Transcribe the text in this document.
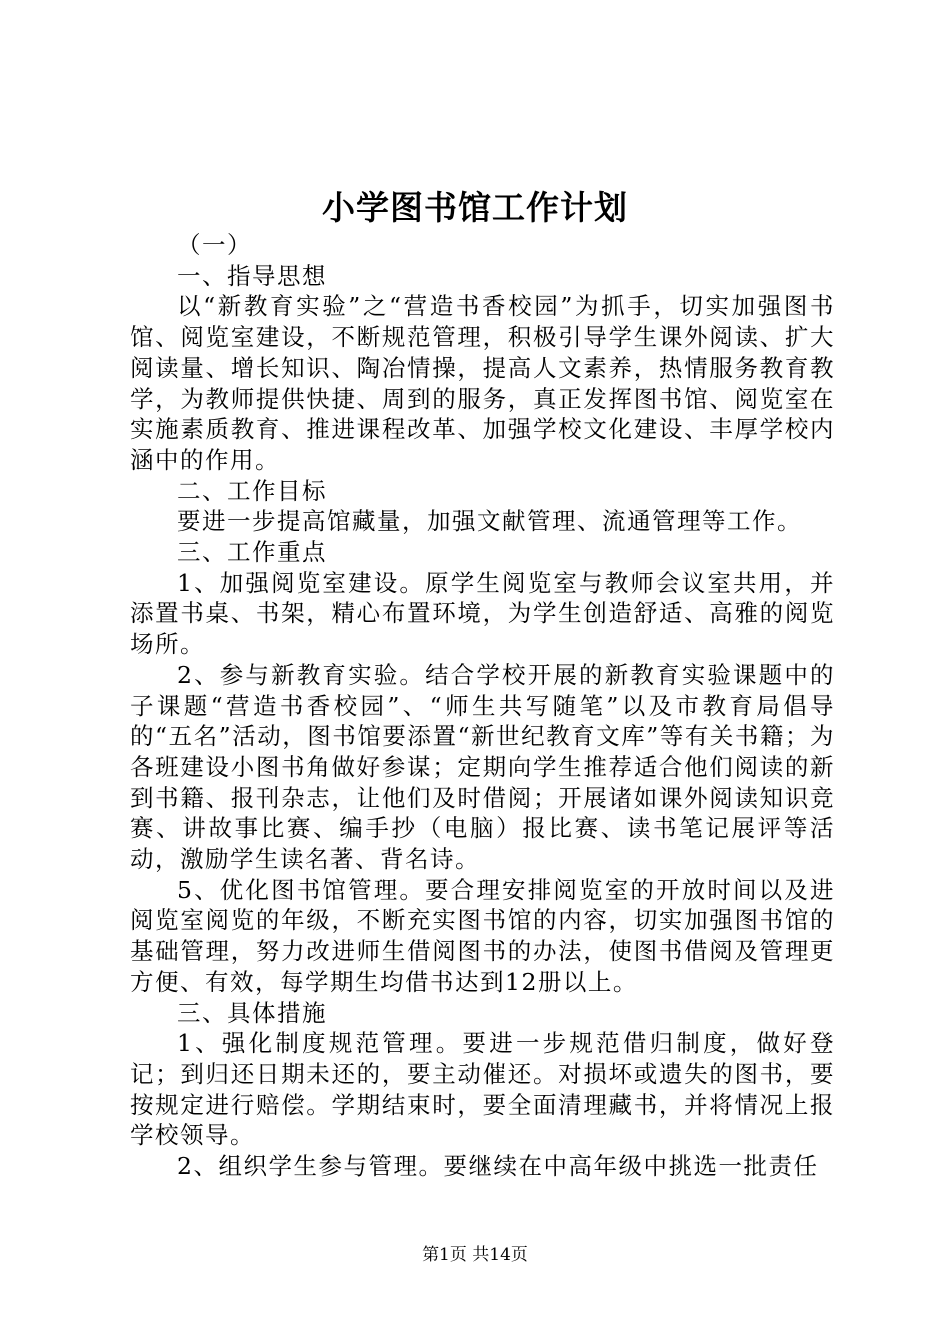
小学图书馆工作计划

（一）

一、指导思想

以“新教育实验”之“营造书香校园”为抓手，切实加强图书馆、阅览室建设，不断规范管理，积极引导学生课外阅读、扩大阅读量、增长知识、陶冶情操，提高人文素养，热情服务教育教学，为教师提供快捷、周到的服务，真正发挥图书馆、阅览室在实施素质教育、推进课程改革、加强学校文化建设、丰厚学校内涵中的作用。

二、工作目标

要进一步提高馆藏量，加强文献管理、流通管理等工作。

三、工作重点

1、加强阅览室建设。原学生阅览室与教师会议室共用，并添置书桌、书架，精心布置环境，为学生创造舒适、高雅的阅览场所。

2、参与新教育实验。结合学校开展的新教育实验课题中的子课题“营造书香校园”、“师生共写随笔”以及市教育局倡导的“五名”活动，图书馆要添置“新世纪教育文库”等有关书籍；为各班建设小图书角做好参谋；定期向学生推荐适合他们阅读的新到书籍、报刊杂志，让他们及时借阅；开展诸如课外阅读知识竞赛、讲故事比赛、编手抄（电脑）报比赛、读书笔记展评等活动，激励学生读名著、背名诗。

5、优化图书馆管理。要合理安排阅览室的开放时间以及进阅览室阅览的年级，不断充实图书馆的内容，切实加强图书馆的基础管理，努力改进师生借阅图书的办法，使图书借阅及管理更方便、有效，每学期生均借书达到12册以上。

三、具体措施

1、强化制度规范管理。要进一步规范借归制度，做好登记；到归还日期未还的，要主动催还。对损坏或遗失的图书，要按规定进行赔偿。学期结束时，要全面清理藏书，并将情况上报学校领导。

2、组织学生参与管理。要继续在中高年级中挑选一批责任

第1页 共14页
